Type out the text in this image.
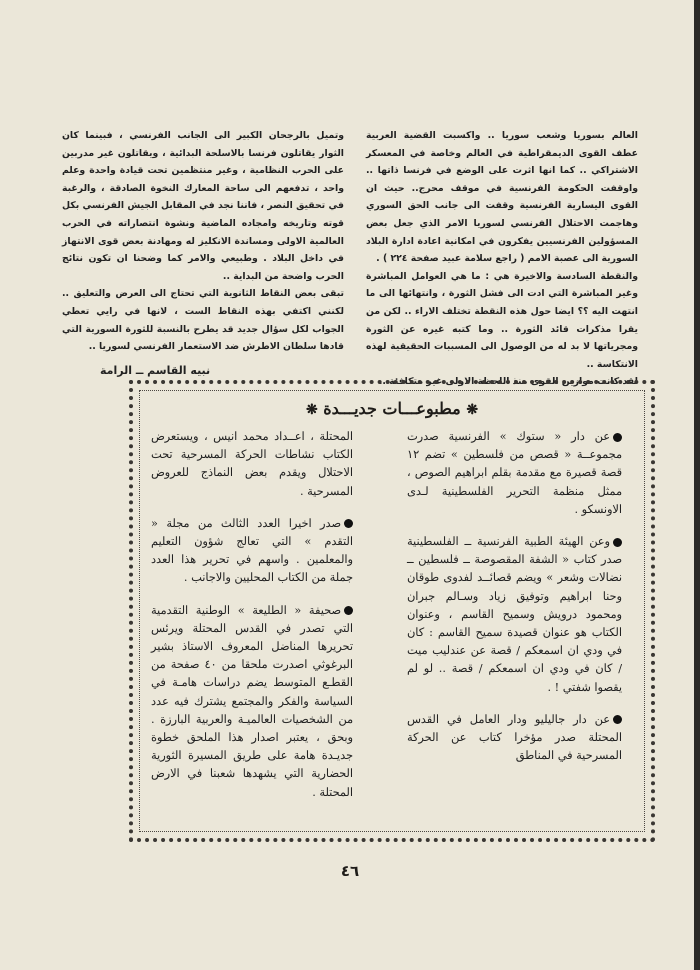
العالم بسوريا وشعب سوريا .. واكسبت القضية العربية عطف القوى الديمقراطية في العالم وخاصة في المعسكر الاشتراكي .. كما انها اثرت على الوضع في فرنسا ذاتها .. واوقفت الحكومة الفرنسية في موقف محرج.. حيث ان القوى اليسارية الفرنسية وقفت الى جانب الحق السوري وهاجمت الاحتلال الفرنسي لسوريا الامر الذي جعل بعض المسؤولين الفرنسيين يفكرون في امكانية اعادة ادارة البلاد السورية الى عصبة الامم ( راجع سلامة عبيد صفحة ٢٢٤ ) .

والنقطة السادسة والاخيرة هي : ما هي العوامل المباشرة وغير المباشرة التي ادت الى فشل الثورة ، وانتهائها الى ما انتهت اليه ؟؟ ايضا حول هذه النقطة تختلف الاراء .. لكن من يقرا مذكرات قائد الثورة .. وما كتبه غيره عن الثورة ومجرياتها لا بد له من الوصول الى المسببات الحقيقية لهذه الانتكاسة ..

لقد كانت موازين القوى منذ اللحظة الاولى غير متكافئة ..

وتميل بالرجحان الكبير الى الجانب الفرنسي ، فبينما كان الثوار يقاتلون فرنسا بالاسلحة البدائية ، ويقاتلون غير مدربين على الحرب النظامية ، وغير منتظمين تحت قيادة واحدة وعلم واحد ، تدفعهم الى ساحة المعارك النخوة الصادقة ، والرغبة في تحقيق النصر ، فاننا نجد في المقابل الجيش الفرنسي بكل قوته وتاريخه وامجاده الماضية ونشوة انتصاراته في الحرب العالمية الاولى ومساندة الانكليز له ومهادنة بعض قوى الانتهاز في داخل البلاد . وطبيعي والامر كما وضحنا ان تكون نتائج الحرب واضحة من البداية ..

تبقى بعض النقاط الثانوية التي تحتاج الى العرض والتعليق .. لكنني اكتفي بهذه النقاط الست ، لانها في رايي تعطي الجواب لكل سؤال جديد قد يطرح بالنسبة للثورة السورية التي قادها سلطان الاطرش ضد الاستعمار الفرنسي لسوريا ..

نبيه القاسم ــ الرامة
❋ مطبوعـــات جديـــدة ❋

عن دار « ستوك » الفرنسية صدرت مجموعــة « قصص من فلسطين » تضم ١٢ قصة قصيرة مع مقدمة بقلم ابراهيم الصوص ، ممثل منظمة التحرير الفلسطينية لـدى الاونسكو .

وعن الهيئة الطبية الفرنسية ــ الفلسطينية صدر كتاب « الشفة المقصوصة ــ فلسطين ــ نضالات وشعر » ويضم قصائــد لفدوى طوقان وحنا ابراهيم وتوفيق زياد وسـالم جبران ومحمود درويش وسميح القاسم ، وعنوان الكتاب هو عنوان قصيدة سميح القاسم : كان في ودي ان اسمعكم / قصة عن عندليب ميت / كان في ودي ان اسمعكم / قصة .. لو لم يقصوا شفتي ! .

عن دار جاليليو ودار العامل في القدس المحتلة صدر مؤخرا كتاب عن الحركة المسرحية في المناطق

المحتلة ، اعــداد محمد انيس ، ويستعرض الكتاب نشاطات الحركة المسرحية تحت الاحتلال ويقدم بعض النماذج للعروض المسرحية .

صدر اخيرا العدد الثالث من مجلة « التقدم » التي تعالج شؤون التعليم والمعلمين . واسهم في تحرير هذا العدد جملة من الكتاب المحليين والاجانب .

صحيفة « الطليعة » الوطنية التقدمية التي تصدر في القدس المحتلة ويرئس تحريرها المناضل المعروف الاستاذ بشير البرغوثي اصدرت ملحقا من ٤٠ صفحة من القطـع المتوسط يضم دراسات هامـة في السياسة والفكر والمجتمع يشترك فيه عدد من الشخصيات العالميـة والعربية البارزة . وبحق ، يعتبر اصدار هذا الملحق خطوة جديـدة هامة على طريق المسيرة الثورية الحضارية التي يشهدها شعبنا في الارض المحتلة .

٤٦
